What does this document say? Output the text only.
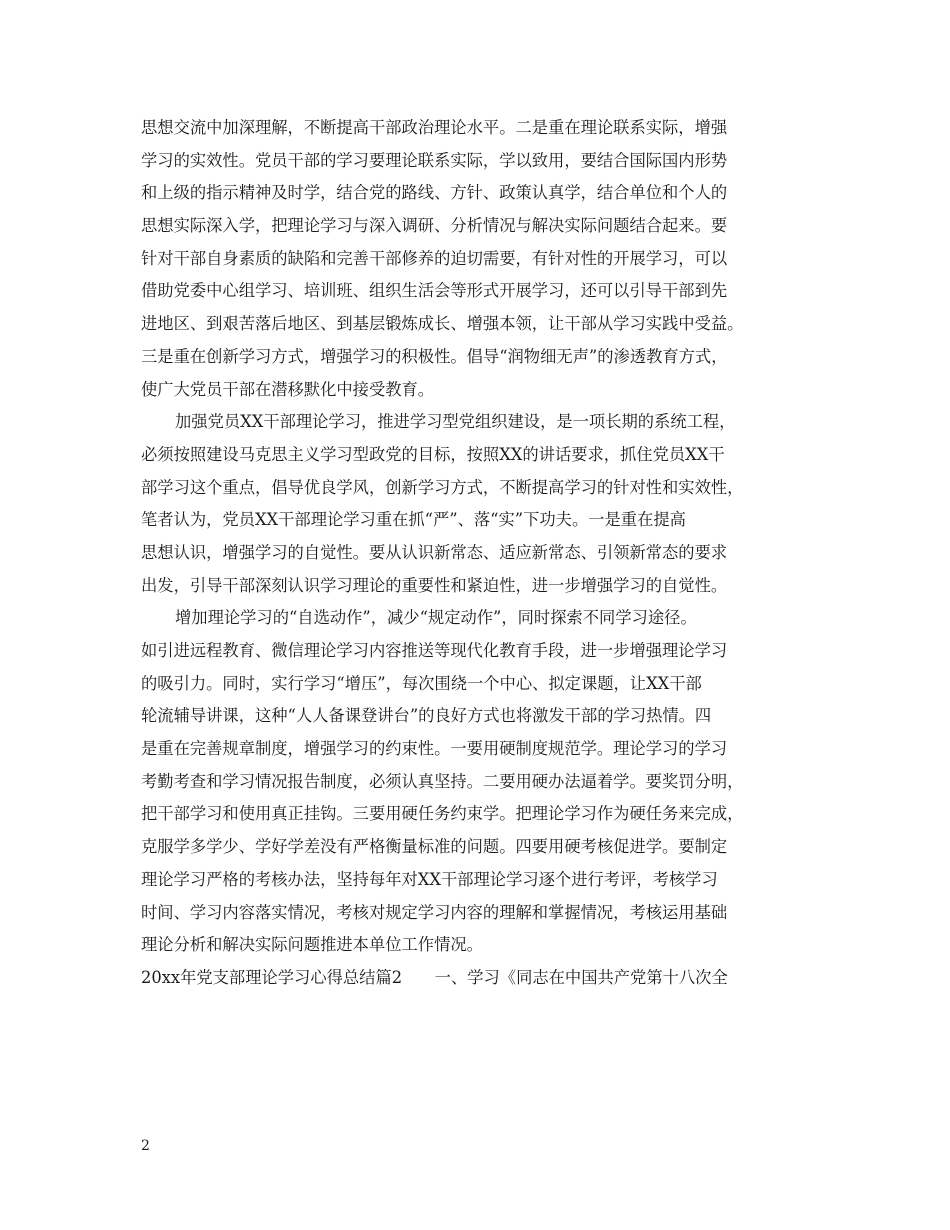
思想交流中加深理解，不断提高干部政治理论水平。二是重在理论联系实际，增强
学习的实效性。党员干部的学习要理论联系实际，学以致用，要结合国际国内形势
和上级的指示精神及时学，结合党的路线、方针、政策认真学，结合单位和个人的
思想实际深入学，把理论学习与深入调研、分析情况与解决实际问题结合起来。要
针对干部自身素质的缺陷和完善干部修养的迫切需要，有针对性的开展学习，可以
借助党委中心组学习、培训班、组织生活会等形式开展学习，还可以引导干部到先
进地区、到艰苦落后地区、到基层锻炼成长、增强本领，让干部从学习实践中受益。
三是重在创新学习方式，增强学习的积极性。倡导“润物细无声”的渗透教育方式，
使广大党员干部在潜移默化中接受教育。
加强党员XX干部理论学习，推进学习型党组织建设，是一项长期的系统工程，
必须按照建设马克思主义学习型政党的目标，按照XX的讲话要求，抓住党员XX干
部学习这个重点，倡导优良学风，创新学习方式，不断提高学习的针对性和实效性，
笔者认为，党员XX干部理论学习重在抓“严”、落“实”下功夫。一是重在提高
思想认识，增强学习的自觉性。要从认识新常态、适应新常态、引领新常态的要求
出发，引导干部深刻认识学习理论的重要性和紧迫性，进一步增强学习的自觉性。
增加理论学习的“自选动作”，减少“规定动作”，同时探索不同学习途径。
如引进远程教育、微信理论学习内容推送等现代化教育手段，进一步增强理论学习
的吸引力。同时，实行学习“增压”，每次围绕一个中心、拟定课题，让XX干部
轮流辅导讲课，这种“人人备课登讲台”的良好方式也将激发干部的学习热情。四
是重在完善规章制度，增强学习的约束性。一要用硬制度规范学。理论学习的学习
考勤考查和学习情况报告制度，必须认真坚持。二要用硬办法逼着学。要奖罚分明，
把干部学习和使用真正挂钩。三要用硬任务约束学。把理论学习作为硬任务来完成，
克服学多学少、学好学差没有严格衡量标准的问题。四要用硬考核促进学。要制定
理论学习严格的考核办法，坚持每年对XX干部理论学习逐个进行考评，考核学习
时间、学习内容落实情况，考核对规定学习内容的理解和掌握情况，考核运用基础
理论分析和解决实际问题推进本单位工作情况。
20xx年党支部理论学习心得总结篇2　　一、学习《同志在中国共产党第十八次全
2
